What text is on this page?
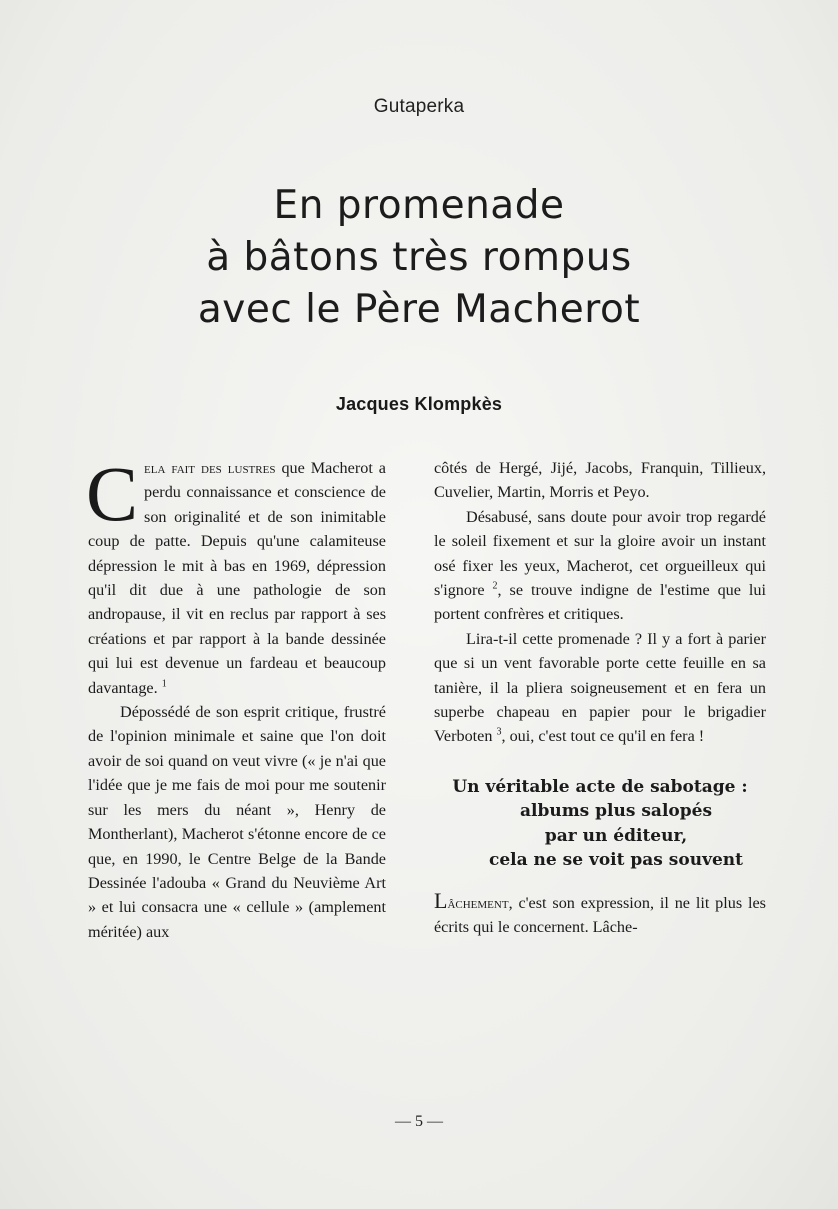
Gutaperka
En promenade
à bâtons très rompus
avec le Père Macherot
Jacques Klompkès

Cela fait des lustres que Macherot a perdu connaissance et conscience de son originalité et de son inimitable coup de patte. Depuis qu'une calamiteuse dépression le mit à bas en 1969, dépression qu'il dit due à une pathologie de son andropause, il vit en reclus par rapport à ses créations et par rapport à la bande dessinée qui lui est devenue un fardeau et beaucoup davantage. $^1$

Dépossédé de son esprit critique, frustré de l'opinion minimale et saine que l'on doit avoir de soi quand on veut vivre (« je n'ai que l'idée que je me fais de moi pour me soutenir sur les mers du néant », Henry de Montherlant), Macherot s'étonne encore de ce que, en 1990, le Centre Belge de la Bande Dessinée l'adouba « Grand du Neuvième Art » et lui consacra une « cellule » (amplement méritée) aux

côtés de Hergé, Jijé, Jacobs, Franquin, Tillieux, Cuvelier, Martin, Morris et Peyo.

Désabusé, sans doute pour avoir trop regardé le soleil fixement et sur la gloire avoir un instant osé fixer les yeux, Macherot, cet orgueilleux qui s'ignore $^2$, se trouve indigne de l'estime que lui portent confrères et critiques.

Lira-t-il cette promenade ? Il y a fort à parier que si un vent favorable porte cette feuille en sa tanière, il la pliera soigneusement et en fera un superbe chapeau en papier pour le brigadier Verboten $^3$, oui, c'est tout ce qu'il en fera !

Un véritable acte de sabotage :

albums plus salopés

par un éditeur,

cela ne se voit pas souvent

Lâchement, c'est son expression, il ne lit plus les écrits qui le concernent. Lâche-

— 5 —
